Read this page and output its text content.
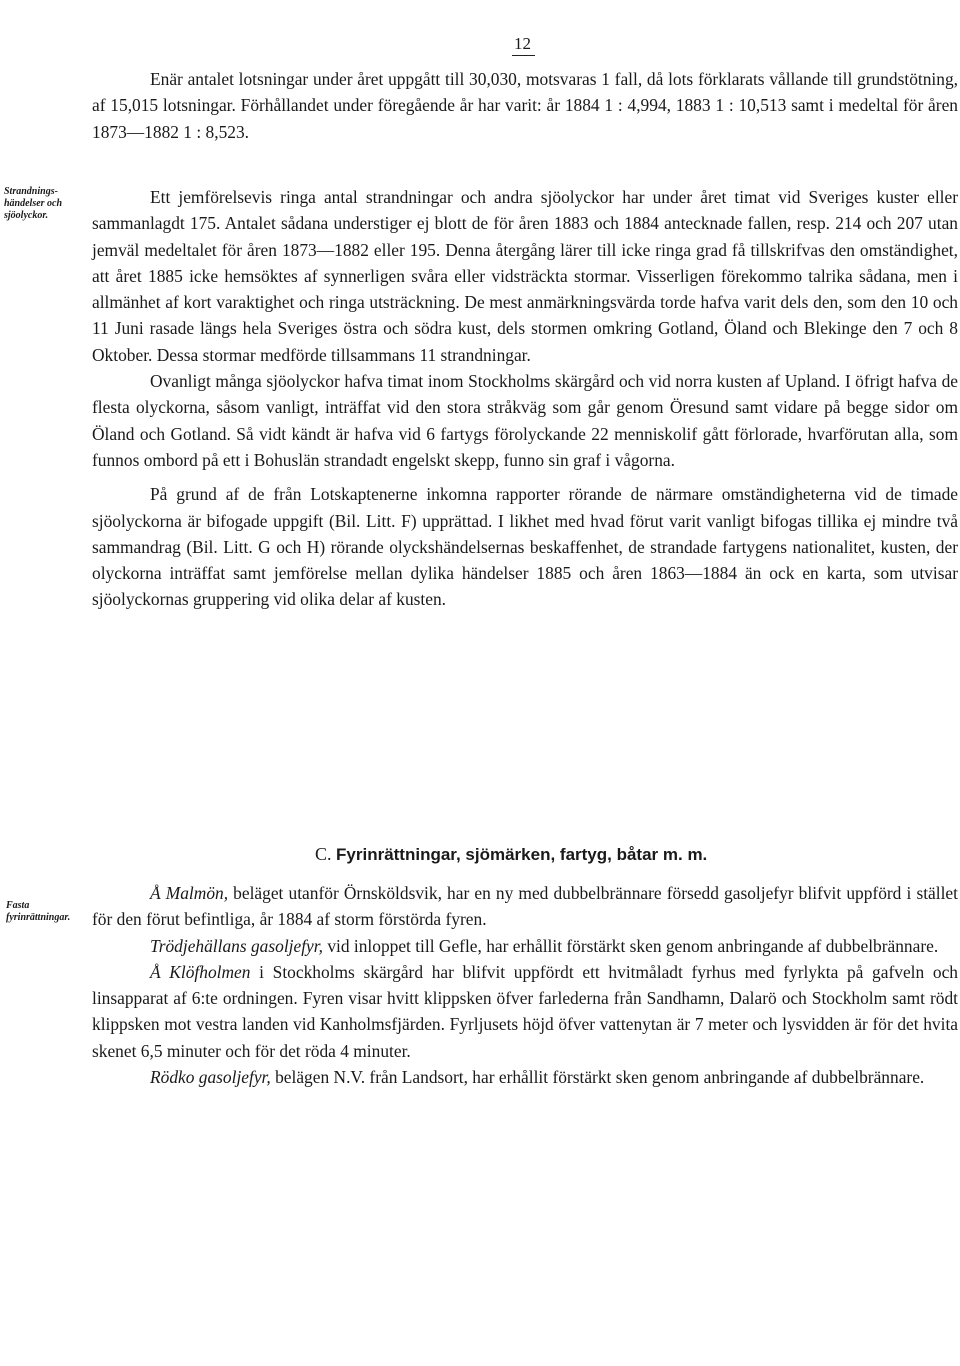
12

Enär antalet lotsningar under året uppgått till 30,030, motsvaras 1 fall, då lots förklarats vållande till grundstötning, af 15,015 lotsningar. Förhållandet under föregående år har varit: år 1884 1 : 4,994, 1883 1 : 10,513 samt i medeltal för åren 1873—1882 1 : 8,523.

Strandnings- händelser och sjöolyckor.

Ett jemförelsevis ringa antal strandningar och andra sjöolyckor har under året timat vid Sveriges kuster eller sammanlagdt 175. Antalet sådana understiger ej blott de för åren 1883 och 1884 antecknade fallen, resp. 214 och 207 utan jemväl medeltalet för åren 1873—1882 eller 195. Denna återgång lärer till icke ringa grad få tillskrifvas den omständighet, att året 1885 icke hemsöktes af synnerligen svåra eller vidsträckta stormar. Visserligen förekommo talrika sådana, men i allmänhet af kort varaktighet och ringa utsträckning. De mest anmärkningsvärda torde hafva varit dels den, som den 10 och 11 Juni rasade längs hela Sveriges östra och södra kust, dels stormen omkring Gotland, Öland och Blekinge den 7 och 8 Oktober. Dessa stormar medförde tillsammans 11 strandningar.

Ovanligt många sjöolyckor hafva timat inom Stockholms skärgård och vid norra kusten af Upland. I öfrigt hafva de flesta olyckorna, såsom vanligt, inträffat vid den stora stråkväg som går genom Öresund samt vidare på begge sidor om Öland och Gotland. Så vidt kändt är hafva vid 6 fartygs förolyckande 22 menniskolif gått förlorade, hvarförutan alla, som funnos ombord på ett i Bohuslän strandadt engelskt skepp, funno sin graf i vågorna.

På grund af de från Lotskaptenerne inkomna rapporter rörande de närmare omständigheterna vid de timade sjöolyckorna är bifogade uppgift (Bil. Litt. F) upprättad. I likhet med hvad förut varit vanligt bifogas tillika ej mindre två sammandrag (Bil. Litt. G och H) rörande olyckshändelsernas beskaffenhet, de strandade fartygens nationalitet, kusten, der olyckorna inträffat samt jemförelse mellan dylika händelser 1885 och åren 1863—1884 än ock en karta, som utvisar sjöolyckornas gruppering vid olika delar af kusten.

C. Fyrinrättningar, sjömärken, fartyg, båtar m. m.
Fasta fyrinrättningar.

Å Malmön, beläget utanför Örnsköldsvik, har en ny med dubbelbrännare försedd gasoljefyr blifvit uppförd i stället för den förut befintliga, år 1884 af storm förstörda fyren.

Trödjehällans gasoljefyr, vid inloppet till Gefle, har erhållit förstärkt sken genom anbringande af dubbelbrännare.

Å Klöfholmen i Stockholms skärgård har blifvit uppfördt ett hvitmåladt fyrhus med fyrlykta på gafveln och linsapparat af 6:te ordningen. Fyren visar hvitt klippsken öfver farlederna från Sandhamn, Dalarö och Stockholm samt rödt klippsken mot vestra landen vid Kanholmsfjärden. Fyrljusets höjd öfver vattenytan är 7 meter och lysvidden är för det hvita skenet 6,5 minuter och för det röda 4 minuter.

Rödko gasoljefyr, belägen N.V. från Landsort, har erhållit förstärkt sken genom anbringande af dubbelbrännare.
